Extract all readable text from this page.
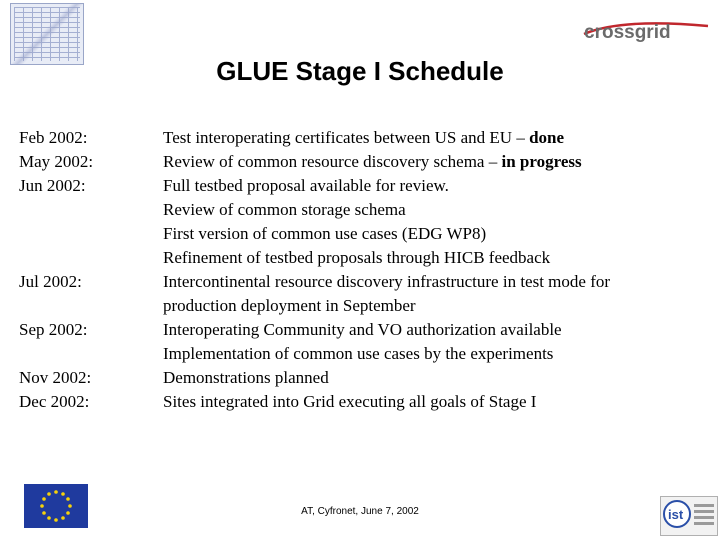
crossgrid
GLUE Stage I Schedule
Feb 2002:
May 2002:
Jun 2002:
Jul 2002:
Sep 2002:
Nov 2002:
Dec 2002:
Test interoperating certificates between US and EU – done
Review of common resource discovery schema – in progress
Full testbed proposal available for review.
Review of common storage schema
First version of common use cases (EDG WP8)
Refinement of testbed proposals through HICB feedback
Intercontinental resource discovery infrastructure in test mode for
production deployment in September
Interoperating Community and VO authorization available
Implementation of common use cases by the experiments
Demonstrations planned
Sites integrated into Grid executing all goals of Stage I
AT, Cyfronet, June 7, 2002	ist
